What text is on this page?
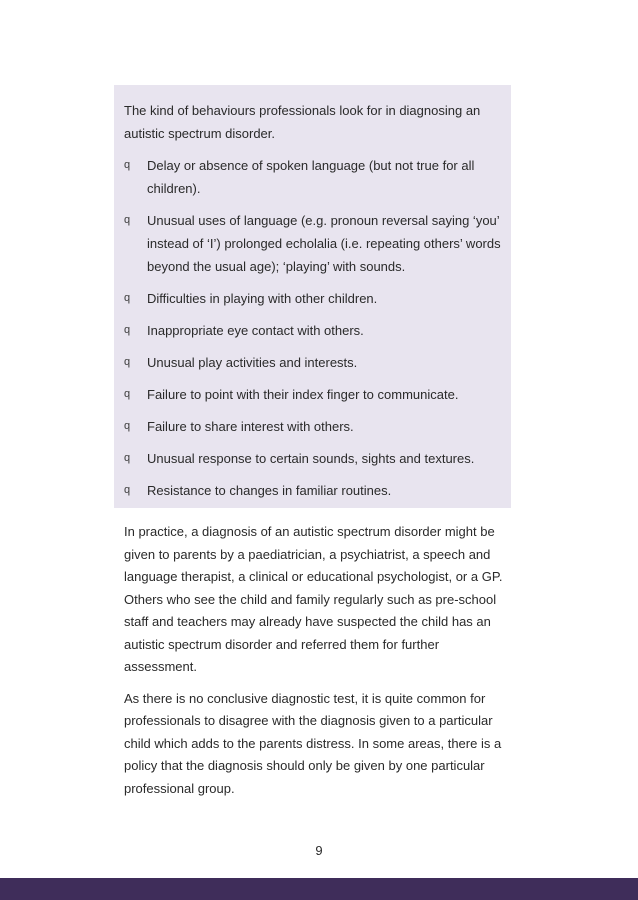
The kind of behaviours professionals look for in diagnosing an autistic spectrum disorder.

q Delay or absence of spoken language (but not true for all children).
q Unusual uses of language (e.g. pronoun reversal saying ‘you’ instead of ‘I’) prolonged echolalia (i.e. repeating others’ words beyond the usual age); ‘playing’ with sounds.
q Difficulties in playing with other children.
q Inappropriate eye contact with others.
q Unusual play activities and interests.
q Failure to point with their index finger to communicate.
q Failure to share interest with others.
q Unusual response to certain sounds, sights and textures.
q Resistance to changes in familiar routines.

In practice, a diagnosis of an autistic spectrum disorder might be given to parents by a paediatrician, a psychiatrist, a speech and language therapist, a clinical or educational psychologist, or a GP. Others who see the child and family regularly such as pre-school staff and teachers may already have suspected the child has an autistic spectrum disorder and referred them for further assessment.

As there is no conclusive diagnostic test, it is quite common for professionals to disagree with the diagnosis given to a particular child which adds to the parents distress. In some areas, there is a policy that the diagnosis should only be given by one particular professional group.

9
